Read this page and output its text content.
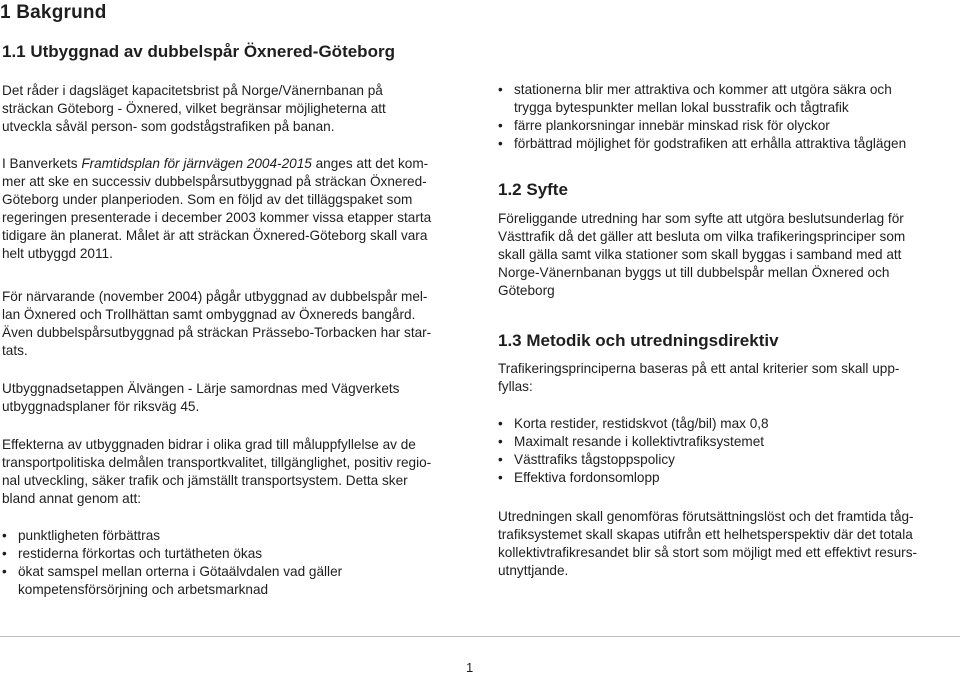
1 Bakgrund
1.1 Utbyggnad av dubbelspår Öxnered-Göteborg

Det råder i dagsläget kapacitetsbrist på Norge/Vänernbanan på
sträckan Göteborg - Öxnered, vilket begränsar möjligheterna att
utveckla såväl person- som godstågstrafiken på banan.

I Banverkets Framtidsplan för järnvägen 2004-2015 anges att det kom-
mer att ske en successiv dubbelspårsutbyggnad på sträckan Öxnered-
Göteborg under planperioden. Som en följd av det tilläggspaket som
regeringen presenterade i december 2003 kommer vissa etapper starta
tidigare än planerat. Målet är att sträckan Öxnered-Göteborg skall vara
helt utbyggd 2011.

För närvarande (november 2004) pågår utbyggnad av dubbelspår mel-
lan Öxnered och Trollhättan samt ombyggnad av Öxnereds bangård.
Även dubbelspårsutbyggnad på sträckan Prässebo-Torbacken har star-
tats.

Utbyggnadsetappen Älvängen - Lärje samordnas med Vägverkets
utbyggnadsplaner för riksväg 45.

Effekterna av utbyggnaden bidrar i olika grad till måluppfyllelse av de
transportpolitiska delmålen transportkvalitet, tillgänglighet, positiv regio-
nal utveckling, säker trafik och jämställt transportsystem. Detta sker
bland annat genom att:

• punktligheten förbättras
• restiderna förkortas och turtätheten ökas
• ökat samspel mellan orterna i Götaälvdalen vad gäller
kompetensförsörjning och arbetsmarknad
• stationerna blir mer attraktiva och kommer att utgöra säkra och
trygga bytespunkter mellan lokal busstrafik och tågtrafik
• färre plankorsningar innebär minskad risk för olyckor
• förbättrad möjlighet för godstrafiken att erhålla attraktiva tåglägen
1.2 Syfte

Föreliggande utredning har som syfte att utgöra beslutsunderlag för
Västtrafik då det gäller att besluta om vilka trafikeringsprinciper som
skall gälla samt vilka stationer som skall byggas i samband med att
Norge-Vänernbanan byggs ut till dubbelspår mellan Öxnered och
Göteborg

1.3 Metodik och utredningsdirektiv

Trafikeringsprinciperna baseras på ett antal kriterier som skall upp-
fyllas:

• Korta restider, restidskvot (tåg/bil) max 0,8
• Maximalt resande i kollektivtrafiksystemet
• Västtrafiks tågstoppspolicy
• Effektiva fordonsomlopp

Utredningen skall genomföras förutsättningslöst och det framtida tåg-
trafiksystemet skall skapas utifrån ett helhetsperspektiv där det totala
kollektivtrafikresandet blir så stort som möjligt med ett effektivt resurs-
utnyttjande.

1
